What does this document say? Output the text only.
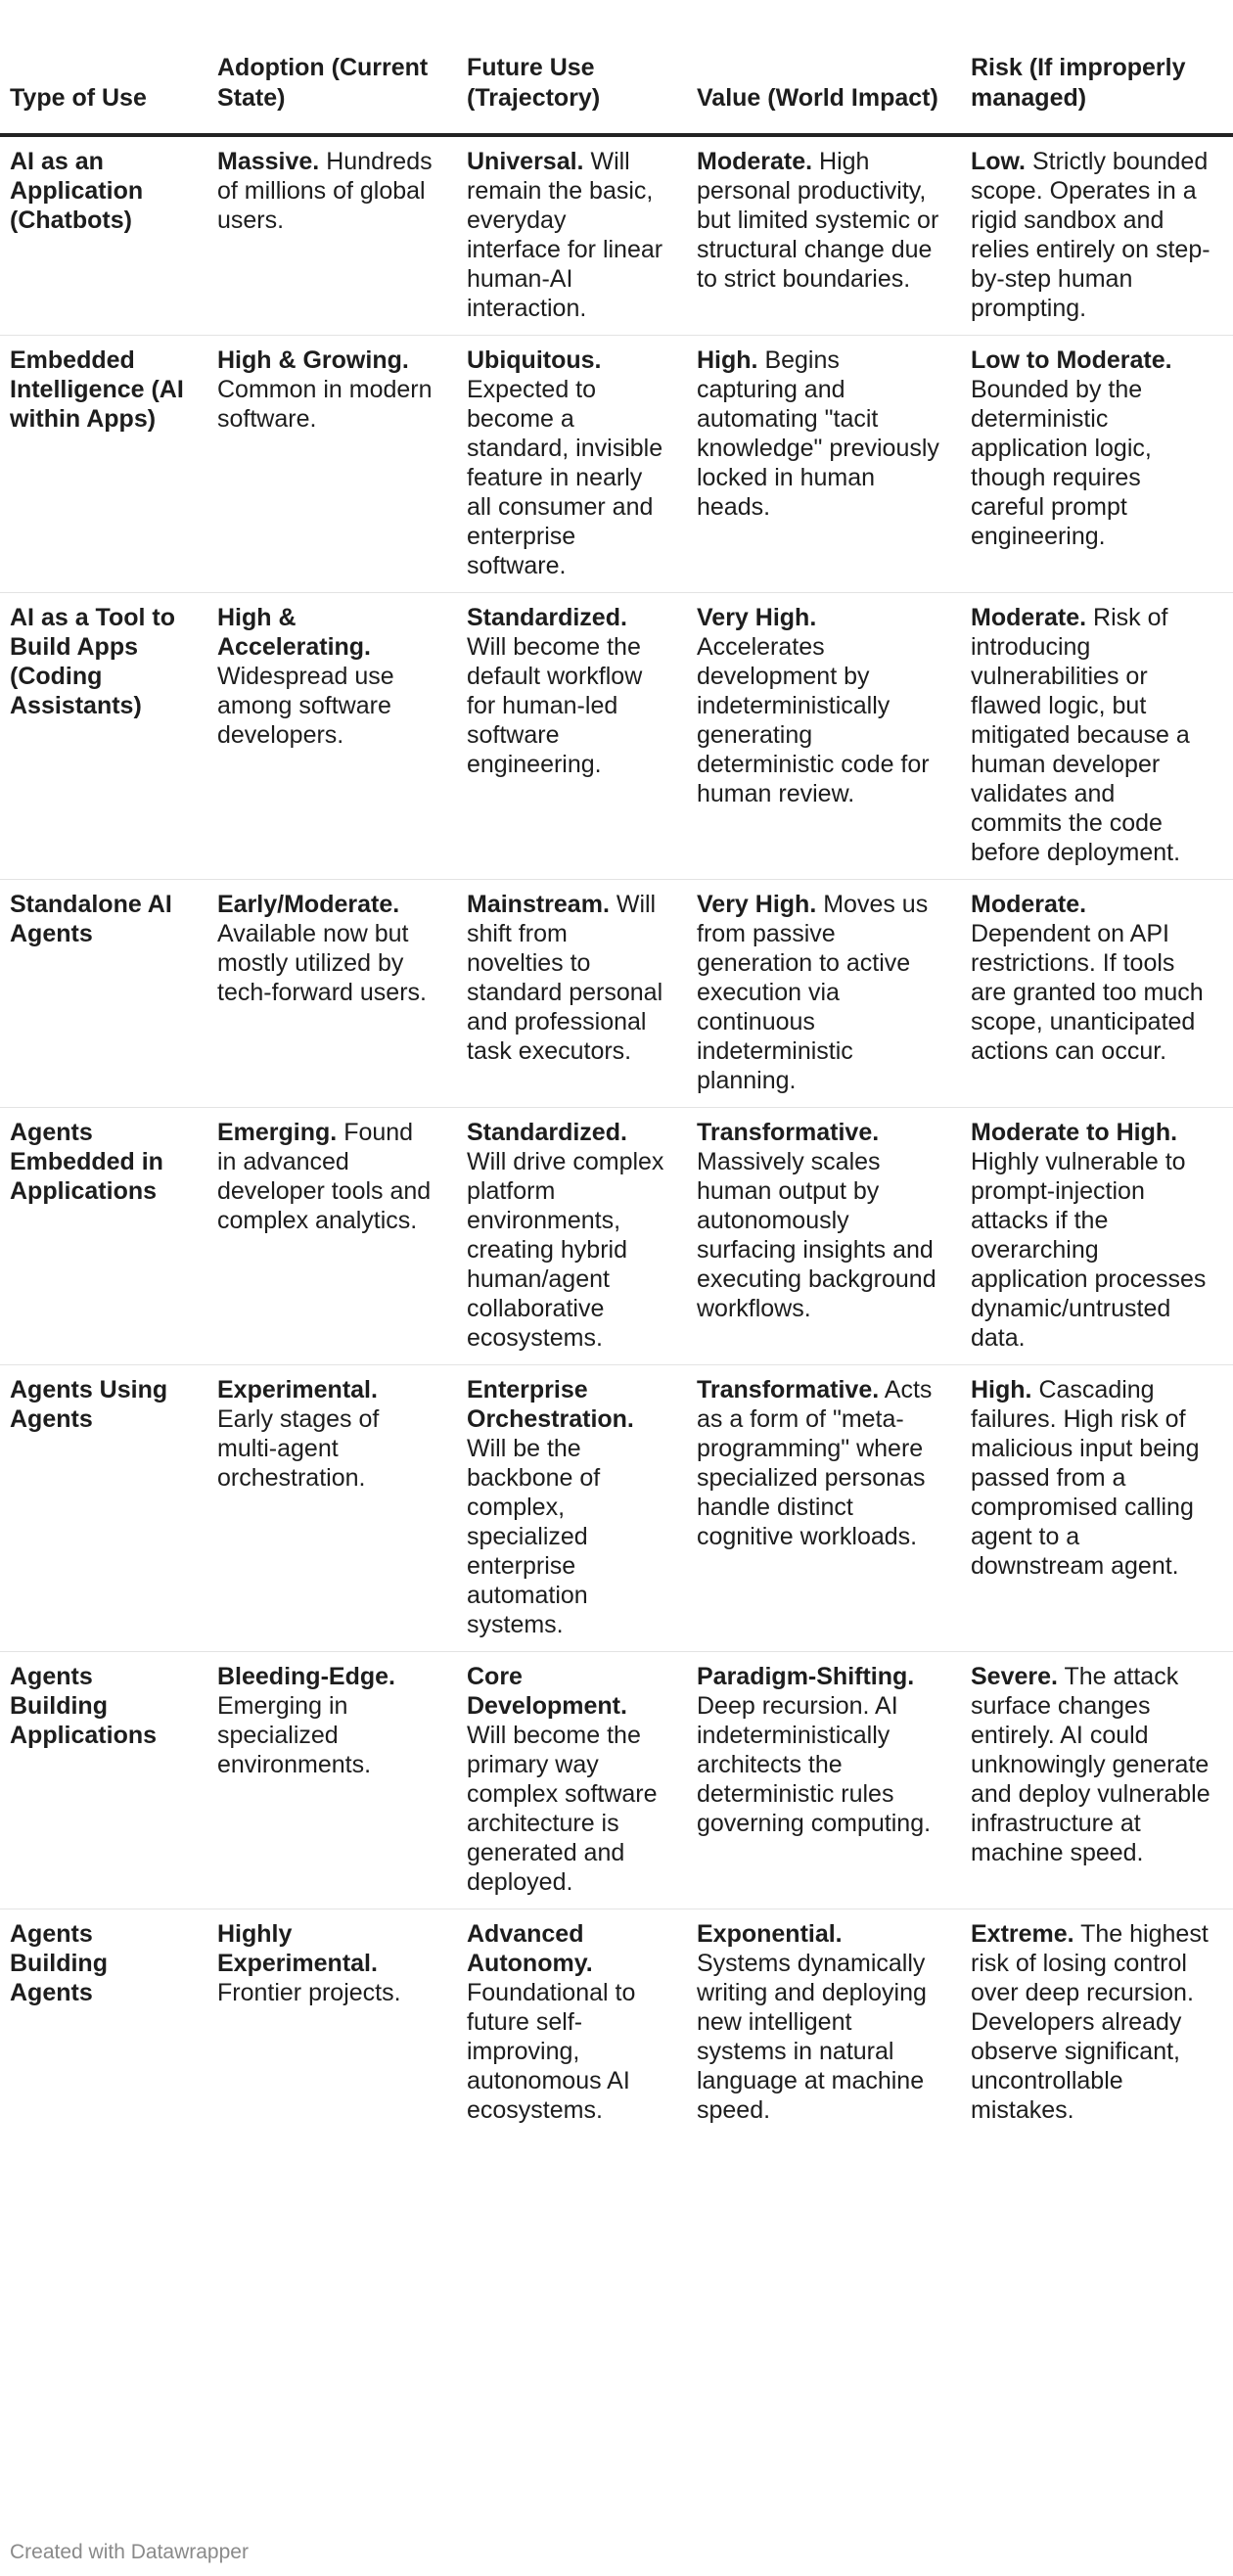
Type of Use	Adoption (Current State)	Future Use (Trajectory)	Value (World Impact)	Risk (If improperly managed)
AI as an Application (Chatbots)	Massive. Hundreds of millions of global users.	Universal. Will remain the basic, everyday interface for linear human-AI interaction.	Moderate. High personal productivity, but limited systemic or structural change due to strict boundaries.	Low. Strictly bounded scope. Operates in a rigid sandbox and relies entirely on step-by-step human prompting.
Embedded Intelligence (AI within Apps)	High & Growing. Common in modern software.	Ubiquitous. Expected to become a standard, invisible feature in nearly all consumer and enterprise software.	High. Begins capturing and automating "tacit knowledge" previously locked in human heads.	Low to Moderate. Bounded by the deterministic application logic, though requires careful prompt engineering.
AI as a Tool to Build Apps (Coding Assistants)	High & Accelerating. Widespread use among software developers.	Standardized. Will become the default workflow for human-led software engineering.	Very High. Accelerates development by indeterministically generating deterministic code for human review.	Moderate. Risk of introducing vulnerabilities or flawed logic, but mitigated because a human developer validates and commits the code before deployment.
Standalone AI Agents	Early/Moderate. Available now but mostly utilized by tech-forward users.	Mainstream. Will shift from novelties to standard personal and professional task executors.	Very High. Moves us from passive generation to active execution via continuous indeterministic planning.	Moderate. Dependent on API restrictions. If tools are granted too much scope, unanticipated actions can occur.
Agents Embedded in Applications	Emerging. Found in advanced developer tools and complex analytics.	Standardized. Will drive complex platform environments, creating hybrid human/agent collaborative ecosystems.	Transformative. Massively scales human output by autonomously surfacing insights and executing background workflows.	Moderate to High. Highly vulnerable to prompt-injection attacks if the overarching application processes dynamic/untrusted data.
Agents Using Agents	Experimental. Early stages of multi-agent orchestration.	Enterprise Orchestration. Will be the backbone of complex, specialized enterprise automation systems.	Transformative. Acts as a form of "meta-programming" where specialized personas handle distinct cognitive workloads.	High. Cascading failures. High risk of malicious input being passed from a compromised calling agent to a downstream agent.
Agents Building Applications	Bleeding-Edge. Emerging in specialized environments.	Core Development. Will become the primary way complex software architecture is generated and deployed.	Paradigm-Shifting. Deep recursion. AI indeterministically architects the deterministic rules governing computing.	Severe. The attack surface changes entirely. AI could unknowingly generate and deploy vulnerable infrastructure at machine speed.
Agents Building Agents	Highly Experimental. Frontier projects.	Advanced Autonomy. Foundational to future self-improving, autonomous AI ecosystems.	Exponential. Systems dynamically writing and deploying new intelligent systems in natural language at machine speed.	Extreme. The highest risk of losing control over deep recursion. Developers already observe significant, uncontrollable mistakes.
Created with Datawrapper
